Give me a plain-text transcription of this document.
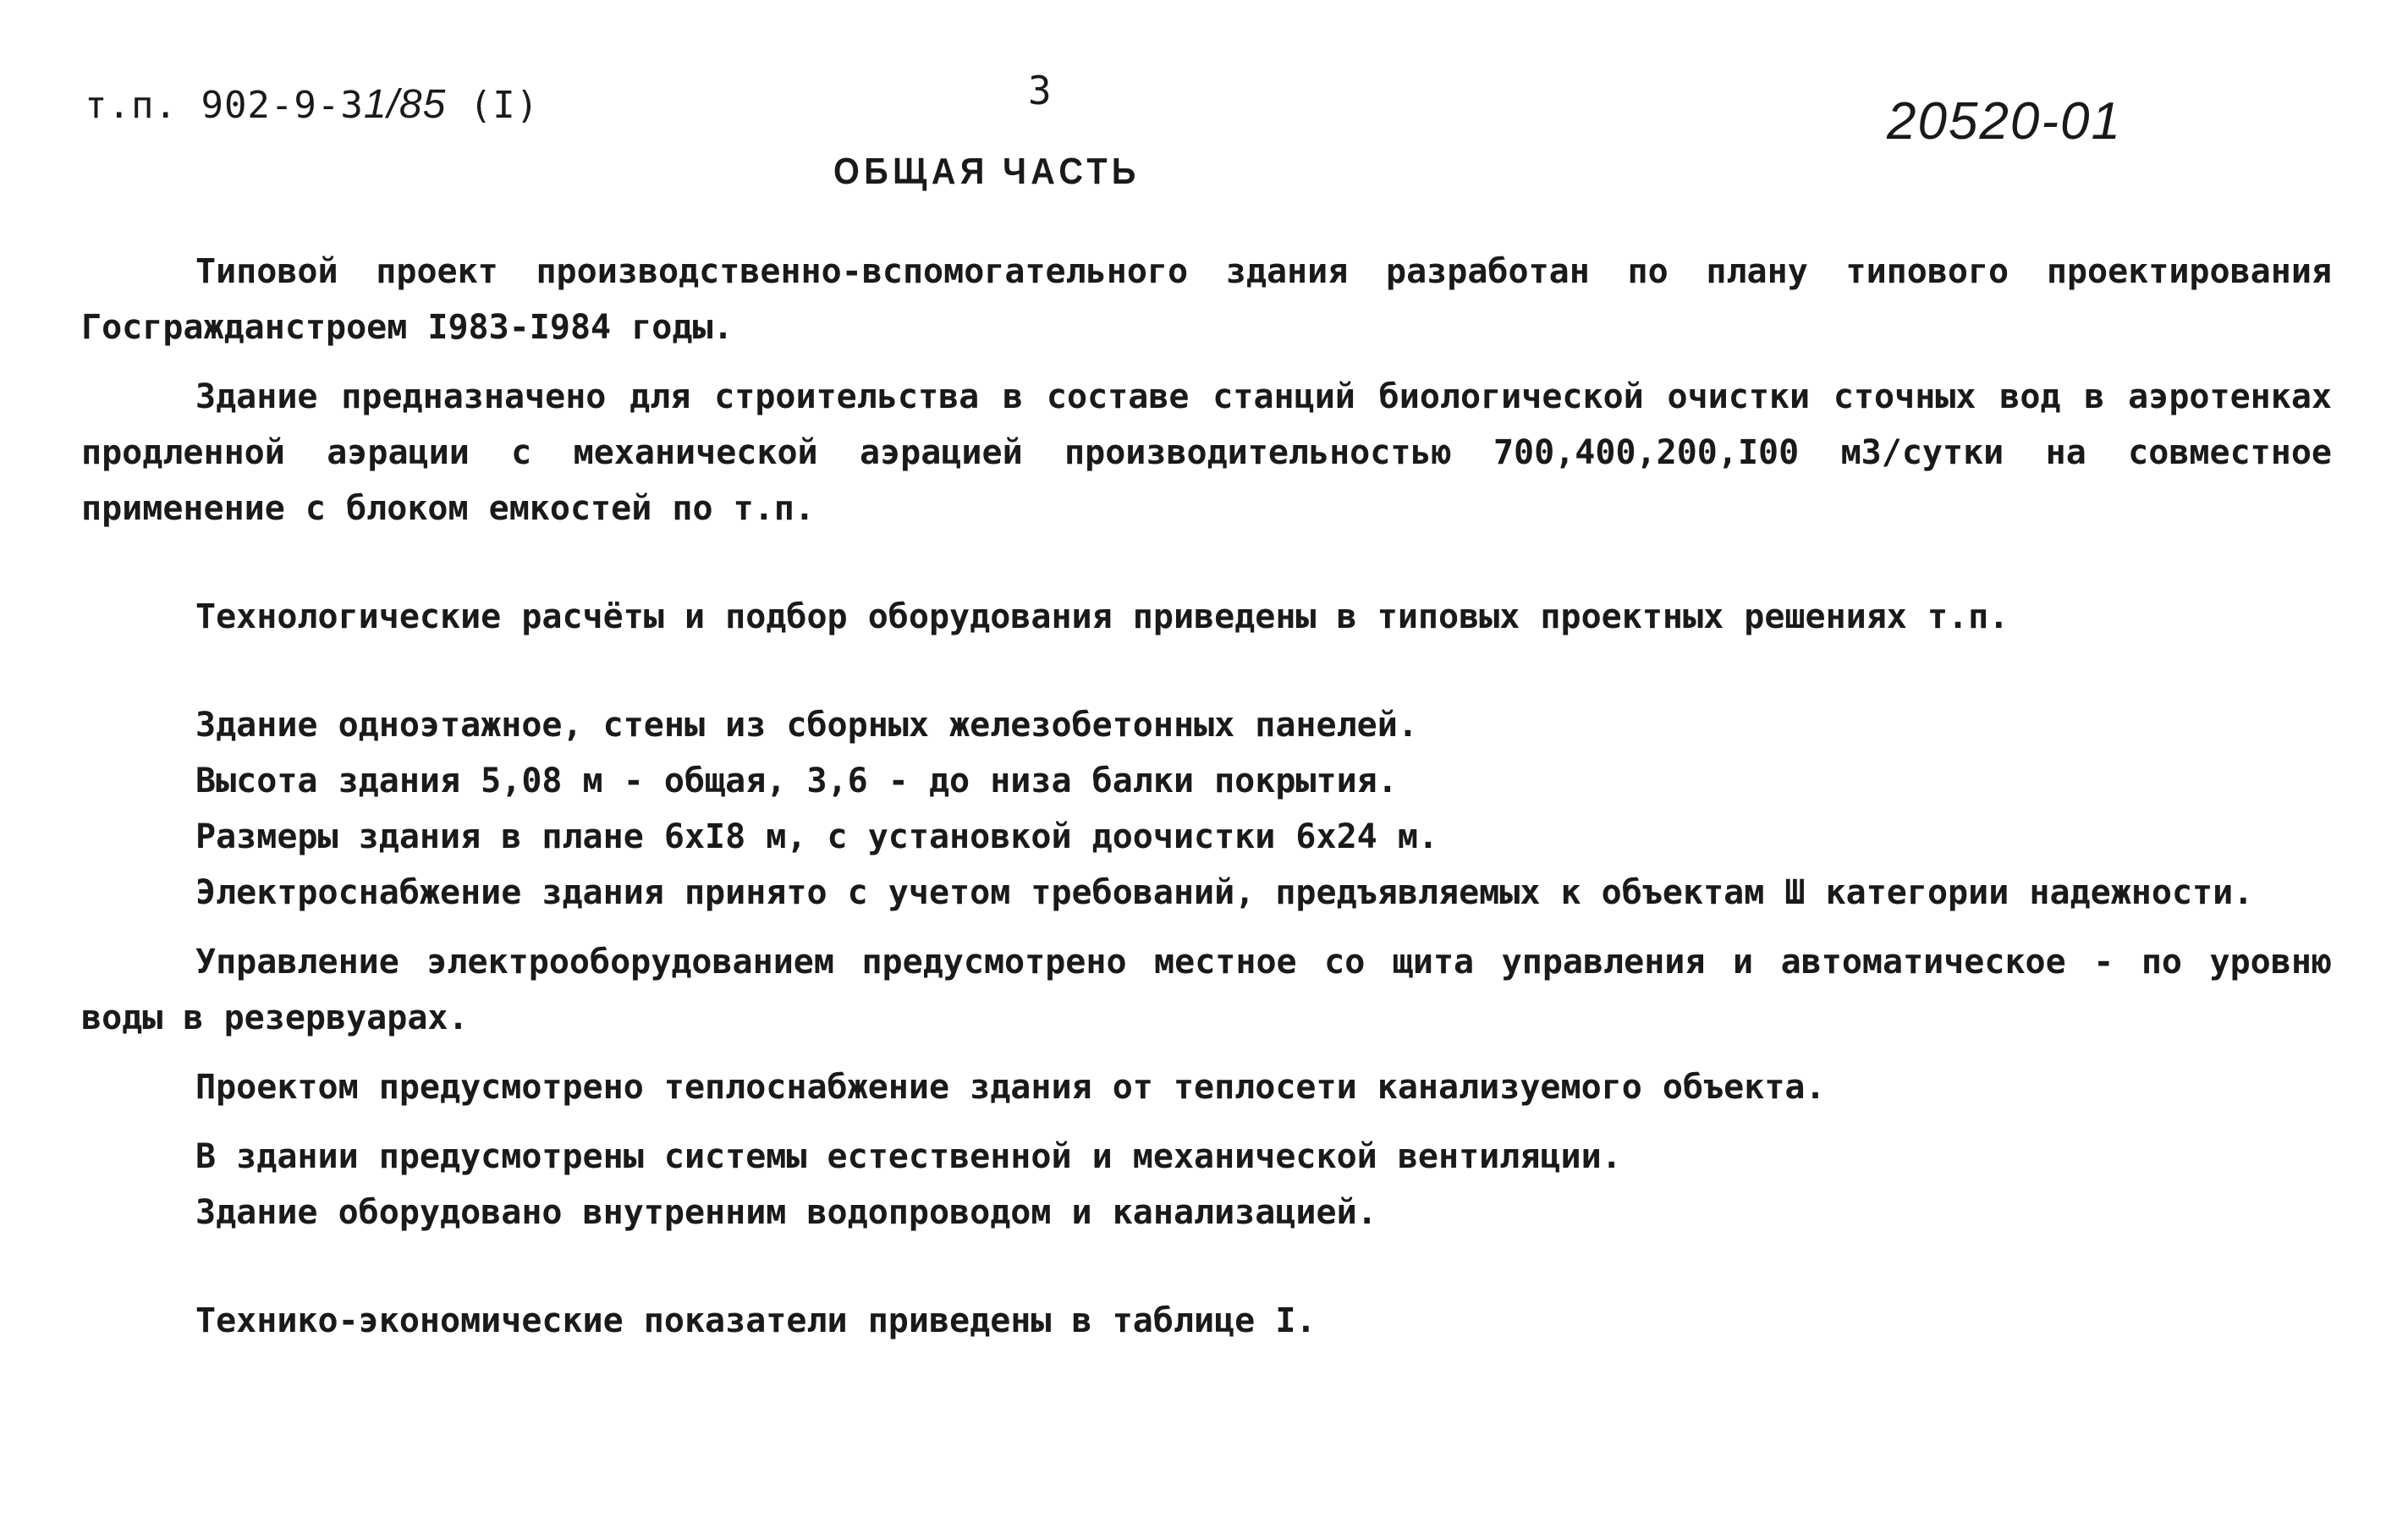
т.п. 902-9-31/85 (I)	3
20520-01
ОБЩАЯ ЧАСТЬ

Типовой проект производственно-вспомогательного здания разработан по плану типового проектирования Госгражданстроем I983-I984 годы.

Здание предназначено для строительства в составе станций биологической очистки сточных вод в аэротенках продленной аэрации с механической аэрацией производительностью 700,400,200,I00 м3/сутки на совместное применение с блоком емкостей по т.п.

Технологические расчёты и подбор оборудования приведены в типовых проектных решениях т.п.

Здание одноэтажное, стены из сборных железобетонных панелей.

Высота здания 5,08 м - общая, 3,6 - до низа балки покрытия.

Размеры здания в плане 6xI8 м, с установкой доочистки 6x24 м.

Электроснабжение здания принято с учетом требований, предъявляемых к объектам Ш категории надежности.

Управление электрооборудованием предусмотрено местное со щита управления и автоматическое - по уровню воды в резервуарах.

Проектом предусмотрено теплоснабжение здания от теплосети канализуемого объекта.

В здании предусмотрены системы естественной и механической вентиляции.

Здание оборудовано внутренним водопроводом и канализацией.

Технико-экономические показатели приведены в таблице I.
